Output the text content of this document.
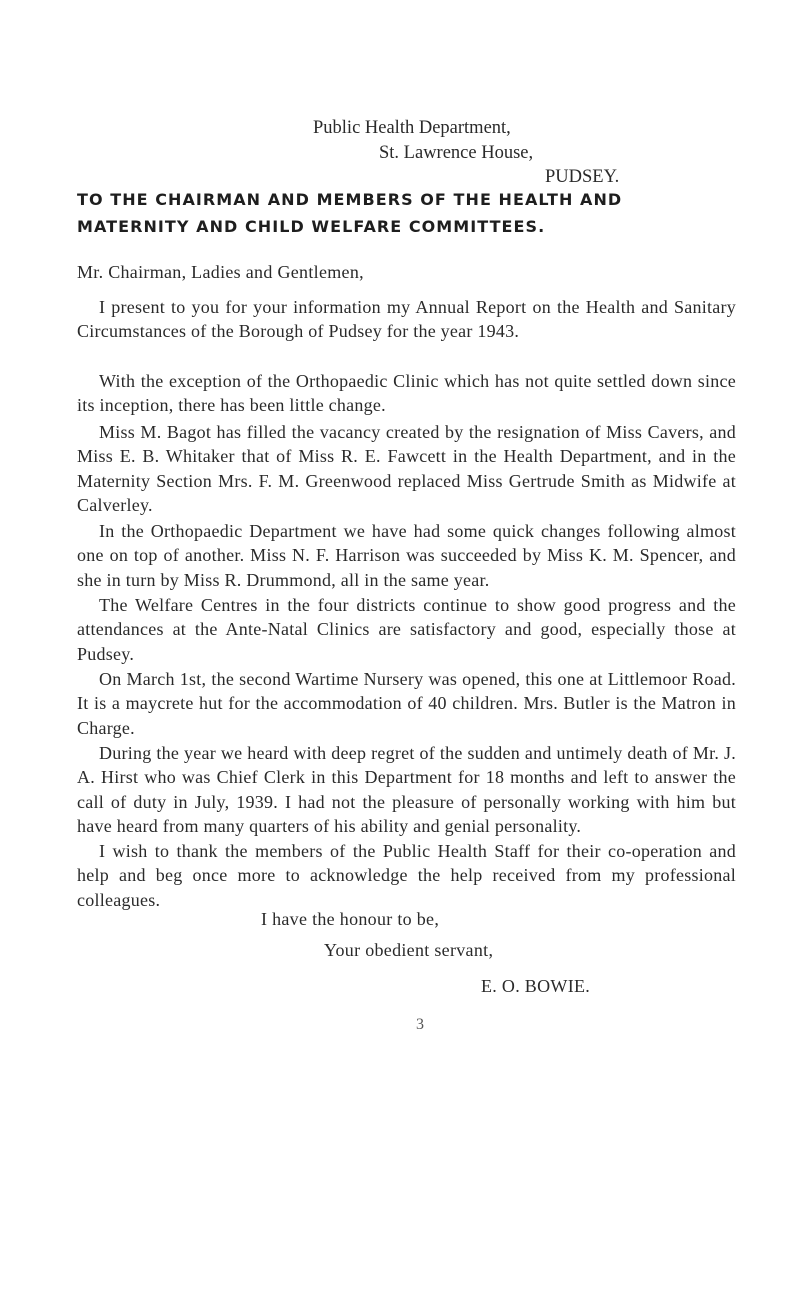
Public Health Department,
St. Lawrence House,
PUDSEY.
TO THE CHAIRMAN AND MEMBERS OF THE HEALTH AND
MATERNITY AND CHILD WELFARE COMMITTEES.
Mr. Chairman, Ladies and Gentlemen,

I present to you for your information my Annual Report on the Health and Sanitary Circumstances of the Borough of Pudsey for the year 1943.

With the exception of the Orthopaedic Clinic which has not quite settled down since its inception, there has been little change.

Miss M. Bagot has filled the vacancy created by the resignation of Miss Cavers, and Miss E. B. Whitaker that of Miss R. E. Fawcett in the Health Department, and in the Maternity Section Mrs. F. M. Greenwood replaced Miss Gertrude Smith as Midwife at Calverley.

In the Orthopaedic Department we have had some quick changes following almost one on top of another. Miss N. F. Harrison was succeeded by Miss K. M. Spencer, and she in turn by Miss R. Drummond, all in the same year.

The Welfare Centres in the four districts continue to show good progress and the attendances at the Ante-Natal Clinics are satisfactory and good, especially those at Pudsey.

On March 1st, the second Wartime Nursery was opened, this one at Littlemoor Road. It is a maycrete hut for the accommodation of 40 children. Mrs. Butler is the Matron in Charge.

During the year we heard with deep regret of the sudden and untimely death of Mr. J. A. Hirst who was Chief Clerk in this Department for 18 months and left to answer the call of duty in July, 1939. I had not the pleasure of personally working with him but have heard from many quarters of his ability and genial personality.

I wish to thank the members of the Public Health Staff for their co-operation and help and beg once more to acknowledge the help received from my professional colleagues.

I have the honour to be,
Your obedient servant,
E. O. BOWIE.
3
